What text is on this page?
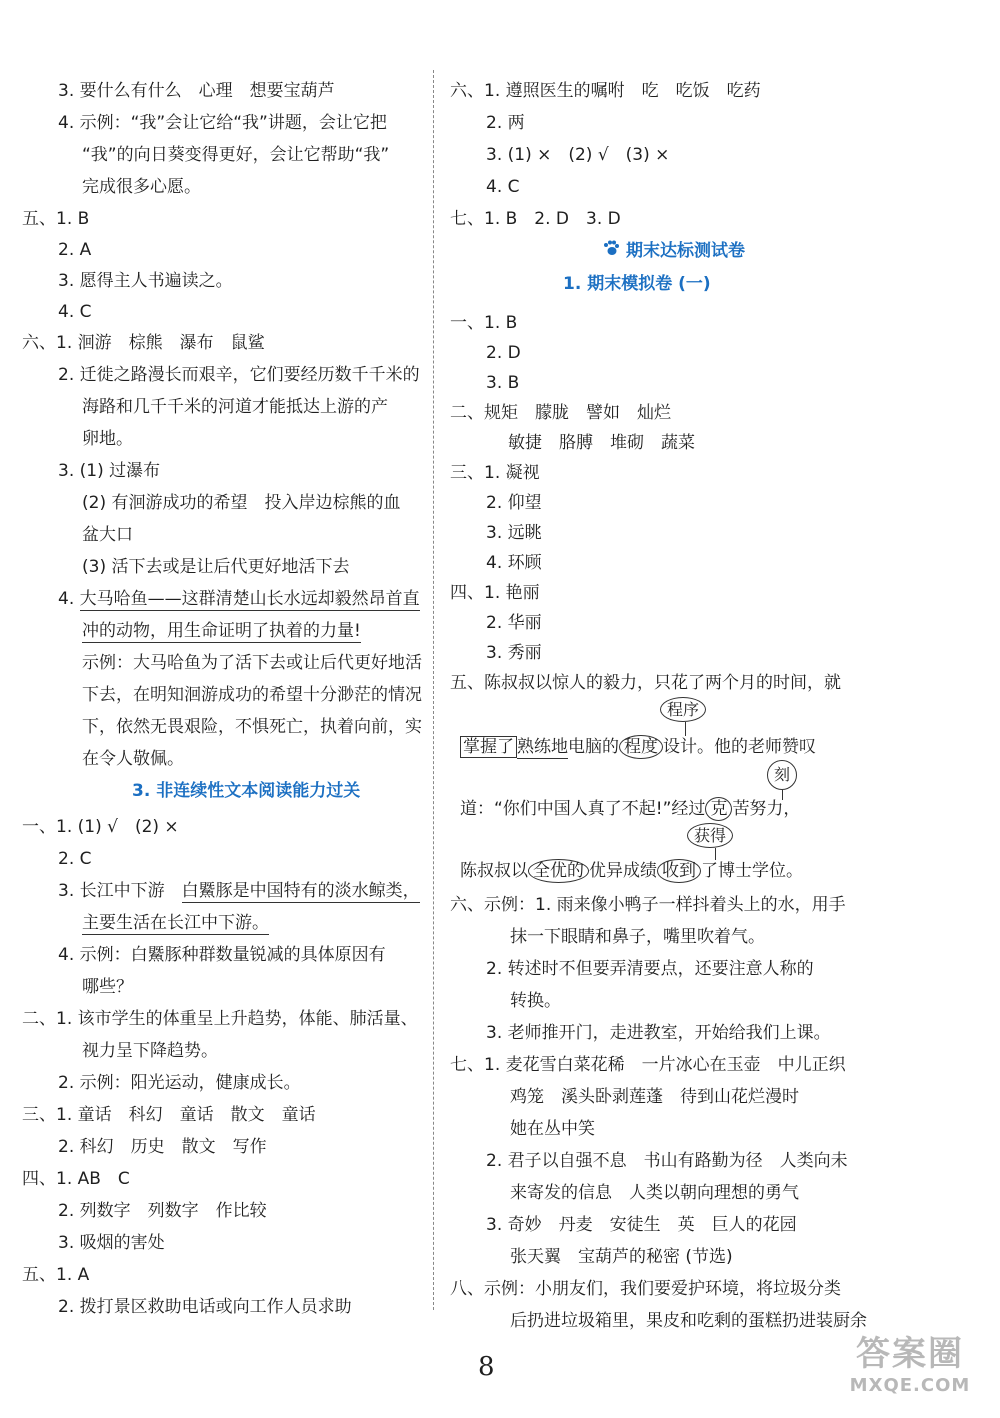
3. 要什么有什么　心理　想要宝葫芦
4. 示例：“我”会让它给“我”讲题，会让它把
“我”的向日葵变得更好，会让它帮助“我”
完成很多心愿。
五、1. B
2. A
3. 愿得主人书遍读之。
4. C
六、1. 洄游　棕熊　瀑布　鼠鲨
2. 迁徙之路漫长而艰辛，它们要经历数千千米的
海路和几千千米的河道才能抵达上游的产
卵地。
3. (1) 过瀑布
(2) 有洄游成功的希望　投入岸边棕熊的血
盆大口
(3) 活下去或是让后代更好地活下去
4. 大马哈鱼——这群清楚山长水远却毅然昂首直
冲的动物，用生命证明了执着的力量!
示例：大马哈鱼为了活下去或让后代更好地活
下去，在明知洄游成功的希望十分渺茫的情况
下，依然无畏艰险，不惧死亡，执着向前，实
在令人敬佩。
3. 非连续性文本阅读能力过关
一、1. (1) √　(2) ×
2. C
3. 长江中下游　白鱀豚是中国特有的淡水鲸类，
主要生活在长江中下游。
4. 示例：白鱀豚种群数量锐减的具体原因有
哪些？
二、1. 该市学生的体重呈上升趋势，体能、肺活量、
视力呈下降趋势。
2. 示例：阳光运动，健康成长。
三、1. 童话　科幻　童话　散文　童话
2. 科幻　历史　散文　写作
四、1. AB　C
2. 列数字　列数字　作比较
3. 吸烟的害处
五、1. A
2. 拨打景区救助电话或向工作人员求助
六、1. 遵照医生的嘱咐　吃　吃饭　吃药
2. 两
3. (1) ×　(2) √　(3) ×
4. C
七、1. B　2. D　3. D
期末达标测试卷
1. 期末模拟卷 (一)
一、1. B
2. D
3. B
二、规矩　朦胧　譬如　灿烂
敏捷　胳膊　堆砌　蔬菜
三、1. 凝视
2. 仰望
3. 远眺
4. 环顾
四、1. 艳丽
2. 华丽
3. 秀丽
五、陈叔叔以惊人的毅力，只花了两个月的时间，就
程序
掌握了 熟练地电脑的 程度 设计。他的老师赞叹
刻
道：“你们中国人真了不起!”经过 克 苦努力，
获得
陈叔叔以 全优的 优异成绩 收到 了博士学位。
六、示例：1. 雨来像小鸭子一样抖着头上的水，用手
抹一下眼睛和鼻子，嘴里吹着气。
2. 转述时不但要弄清要点，还要注意人称的
转换。
3. 老师推开门，走进教室，开始给我们上课。
七、1. 麦花雪白菜花稀　一片冰心在玉壶　中儿正织
鸡笼　溪头卧剥莲蓬　待到山花烂漫时
她在丛中笑
2. 君子以自强不息　书山有路勤为径　人类向未
来寄发的信息　人类以朝向理想的勇气
3. 奇妙　丹麦　安徒生　英　巨人的花园
张天翼　宝葫芦的秘密 (节选)
八、示例：小朋友们，我们要爱护环境，将垃圾分类
后扔进垃圾箱里，果皮和吃剩的蛋糕扔进装厨余
8	答案圈
MXQE.COM
